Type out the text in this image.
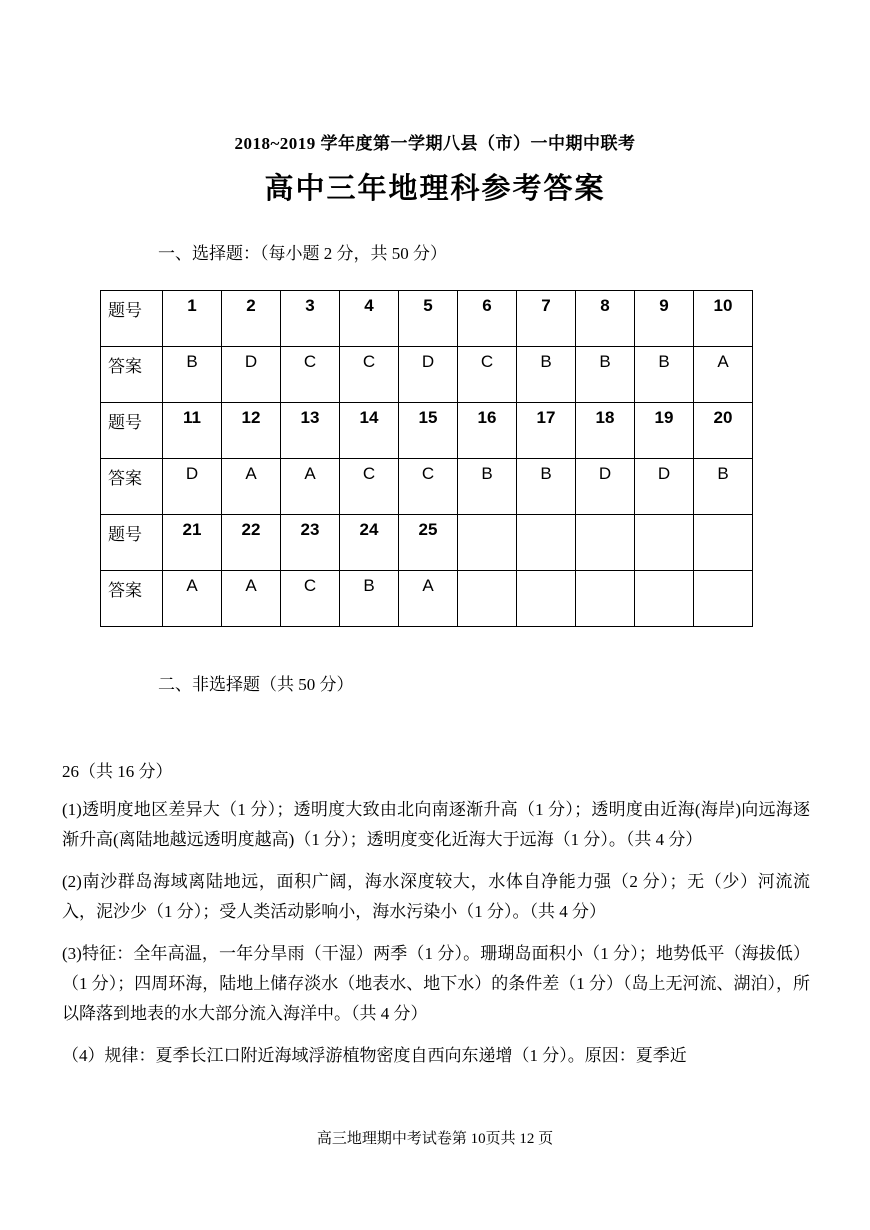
2018~2019 学年度第一学期八县（市）一中期中联考
高中三年地理科参考答案
一、选择题：（每小题 2 分，共 50 分）
题号	1	2	3	4	5	6	7	8	9	10
答案	B	D	C	C	D	C	B	B	B	A
题号	11	12	13	14	15	16	17	18	19	20
答案	D	A	A	C	C	B	B	D	D	B
题号	21	22	23	24	25					
答案	A	A	C	B	A					
二、非选择题（共 50 分）
26（共 16 分）

(1)透明度地区差异大（1 分）；透明度大致由北向南逐渐升高（1 分）；透明度由近海(海岸)向远海逐渐升高(离陆地越远透明度越高)（1 分）；透明度变化近海大于远海（1 分）。（共 4 分）

(2)南沙群岛海域离陆地远，面积广阔，海水深度较大，水体自净能力强（2 分）；无（少）河流流入，泥沙少（1 分）；受人类活动影响小，海水污染小（1 分）。（共 4 分）

(3)特征：全年高温，一年分旱雨（干湿）两季（1 分）。珊瑚岛面积小（1 分）；地势低平（海拔低）（1 分）；四周环海，陆地上储存淡水（地表水、地下水）的条件差（1 分）（岛上无河流、湖泊），所以降落到地表的水大部分流入海洋中。（共 4 分）

（4）规律：夏季长江口附近海域浮游植物密度自西向东递增（1 分）。原因：夏季近

高三地理期中考试卷第 10页共 12 页
